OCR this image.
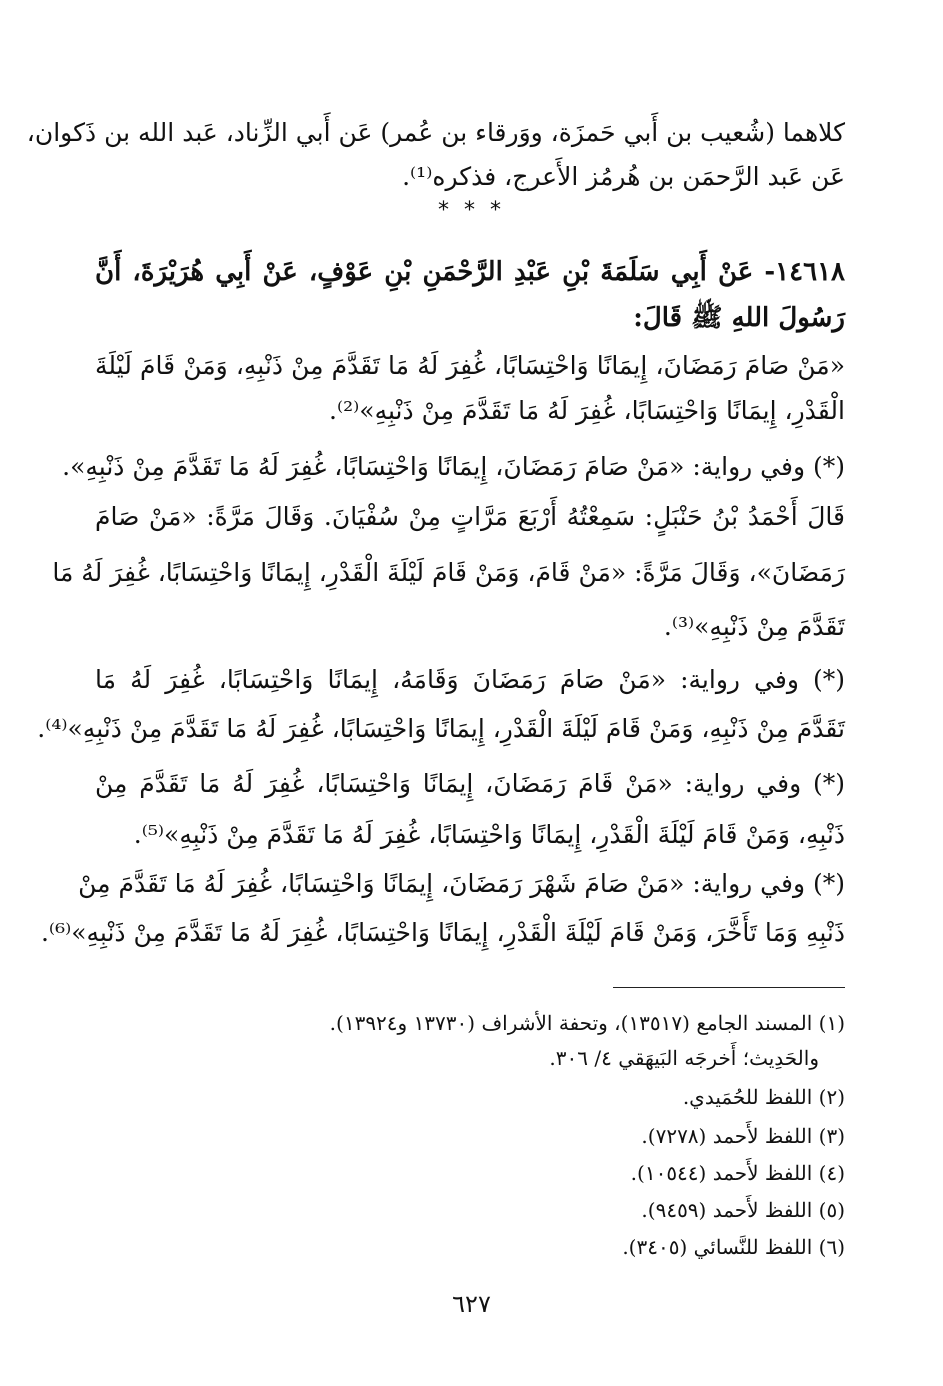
كلاهما (شُعيب بن أَبي حَمزَة، ووَرقاء بن عُمر) عَن أَبي الزِّناد، عَبد الله بن ذَكوان،
عَن عَبد الرَّحمَن بن هُرمُز الأَعرج، فذكره⁽¹⁾.
* * *
١٤٦١٨- عَنْ أَبِي سَلَمَةَ بْنِ عَبْدِ الرَّحْمَنِ بْنِ عَوْفٍ، عَنْ أَبِي هُرَيْرَةَ، أَنَّ
رَسُولَ اللهِ ﷺ قَالَ:
«مَنْ صَامَ رَمَضَانَ، إِيمَانًا وَاحْتِسَابًا، غُفِرَ لَهُ مَا تَقَدَّمَ مِنْ ذَنْبِهِ، وَمَنْ قَامَ لَيْلَةَ
الْقَدْرِ، إِيمَانًا وَاحْتِسَابًا، غُفِرَ لَهُ مَا تَقَدَّمَ مِنْ ذَنْبِهِ»⁽²⁾.
(*) وفي رواية: «مَنْ صَامَ رَمَضَانَ، إِيمَانًا وَاحْتِسَابًا، غُفِرَ لَهُ مَا تَقَدَّمَ مِنْ ذَنْبِهِ».
قَالَ أَحْمَدُ بْنُ حَنْبَلٍ: سَمِعْتُهُ أَرْبَعَ مَرَّاتٍ مِنْ سُفْيَانَ. وَقَالَ مَرَّةً: «مَنْ صَامَ
رَمَضَانَ»، وَقَالَ مَرَّةً: «مَنْ قَامَ، وَمَنْ قَامَ لَيْلَةَ الْقَدْرِ، إِيمَانًا وَاحْتِسَابًا، غُفِرَ لَهُ مَا
تَقَدَّمَ مِنْ ذَنْبِهِ»⁽³⁾.
(*) وفي رواية: «مَنْ صَامَ رَمَضَانَ وَقَامَهُ، إِيمَانًا وَاحْتِسَابًا، غُفِرَ لَهُ مَا
تَقَدَّمَ مِنْ ذَنْبِهِ، وَمَنْ قَامَ لَيْلَةَ الْقَدْرِ، إِيمَانًا وَاحْتِسَابًا، غُفِرَ لَهُ مَا تَقَدَّمَ مِنْ ذَنْبِهِ»⁽⁴⁾.
(*) وفي رواية: «مَنْ قَامَ رَمَضَانَ، إِيمَانًا وَاحْتِسَابًا، غُفِرَ لَهُ مَا تَقَدَّمَ مِنْ
ذَنْبِهِ، وَمَنْ قَامَ لَيْلَةَ الْقَدْرِ، إِيمَانًا وَاحْتِسَابًا، غُفِرَ لَهُ مَا تَقَدَّمَ مِنْ ذَنْبِهِ»⁽⁵⁾.
(*) وفي رواية: «مَنْ صَامَ شَهْرَ رَمَضَانَ، إِيمَانًا وَاحْتِسَابًا، غُفِرَ لَهُ مَا تَقَدَّمَ مِنْ
ذَنْبِهِ وَمَا تَأَخَّرَ، وَمَنْ قَامَ لَيْلَةَ الْقَدْرِ، إِيمَانًا وَاحْتِسَابًا، غُفِرَ لَهُ مَا تَقَدَّمَ مِنْ ذَنْبِهِ»⁽⁶⁾.
(١) المسند الجامع (١٣٥١٧)، وتحفة الأشراف (١٣٧٣٠ و١٣٩٢٤).
والحَدِيث؛ أَخرجَه البَيهَقي ٤/ ٣٠٦.
(٢) اللفظ للحُمَيدي.
(٣) اللفظ لأَحمد (٧٢٧٨).
(٤) اللفظ لأَحمد (١٠٥٤٤).
(٥) اللفظ لأَحمد (٩٤٥٩).
(٦) اللفظ للنَّسائي (٣٤٠٥).
٦٢٧
